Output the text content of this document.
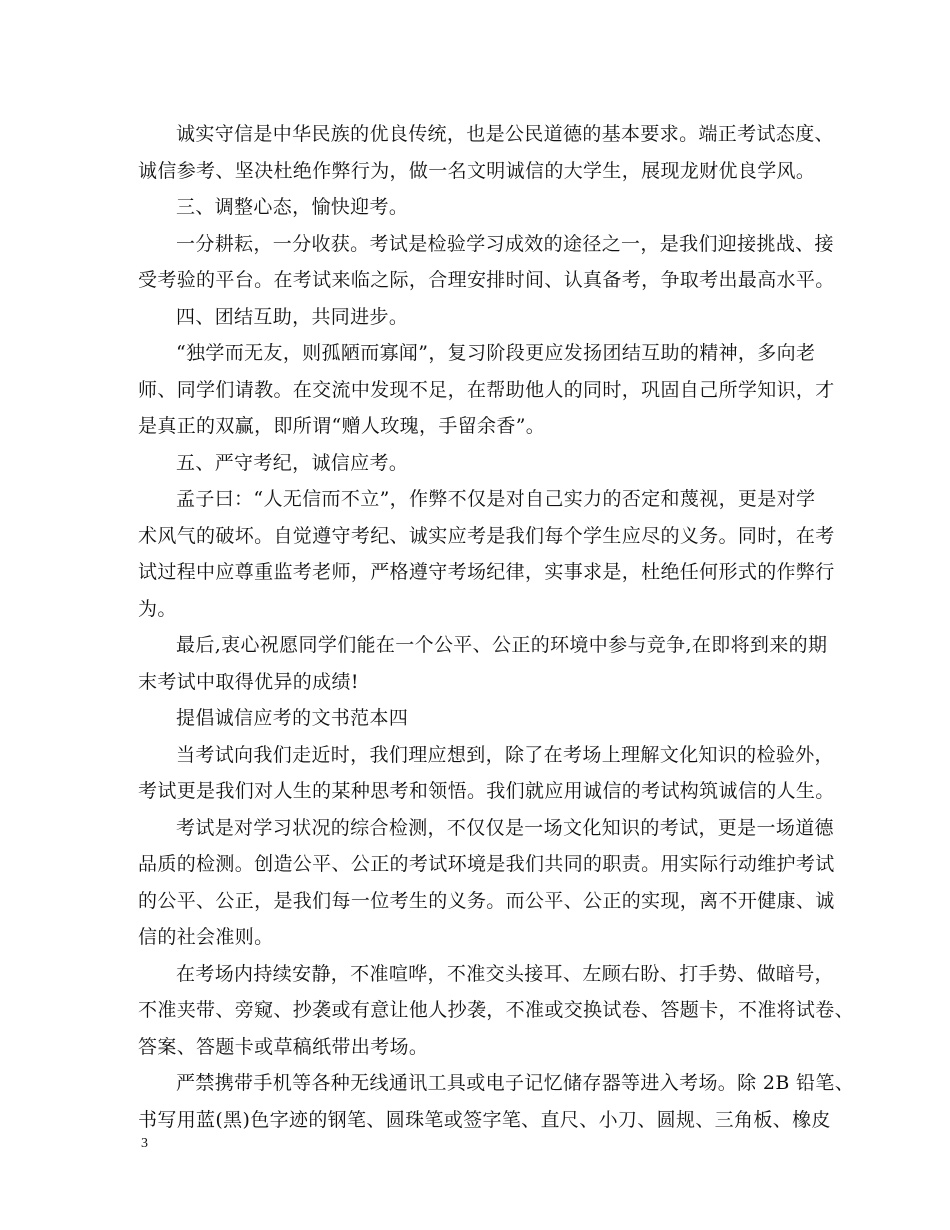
诚实守信是中华民族的优良传统，也是公民道德的基本要求。端正考试态度、
诚信参考、坚决杜绝作弊行为，做一名文明诚信的大学生，展现龙财优良学风。
三、调整心态，愉快迎考。
一分耕耘，一分收获。考试是检验学习成效的途径之一，是我们迎接挑战、接
受考验的平台。在考试来临之际，合理安排时间、认真备考，争取考出最高水平。
四、团结互助，共同进步。
“独学而无友，则孤陋而寡闻”，复习阶段更应发扬团结互助的精神，多向老
师、同学们请教。在交流中发现不足，在帮助他人的同时，巩固自己所学知识，才
是真正的双赢，即所谓“赠人玫瑰，手留余香”。
五、严守考纪，诚信应考。
孟子曰：“人无信而不立”，作弊不仅是对自己实力的否定和蔑视，更是对学
术风气的破坏。自觉遵守考纪、诚实应考是我们每个学生应尽的义务。同时，在考
试过程中应尊重监考老师，严格遵守考场纪律，实事求是，杜绝任何形式的作弊行
为。
最后,衷心祝愿同学们能在一个公平、公正的环境中参与竞争,在即将到来的期
末考试中取得优异的成绩!
提倡诚信应考的文书范本四
当考试向我们走近时，我们理应想到，除了在考场上理解文化知识的检验外，
考试更是我们对人生的某种思考和领悟。我们就应用诚信的考试构筑诚信的人生。
考试是对学习状况的综合检测，不仅仅是一场文化知识的考试，更是一场道德
品质的检测。创造公平、公正的考试环境是我们共同的职责。用实际行动维护考试
的公平、公正，是我们每一位考生的义务。而公平、公正的实现，离不开健康、诚
信的社会准则。
在考场内持续安静，不准喧哗，不准交头接耳、左顾右盼、打手势、做暗号，
不准夹带、旁窥、抄袭或有意让他人抄袭，不准或交换试卷、答题卡，不准将试卷、
答案、答题卡或草稿纸带出考场。
严禁携带手机等各种无线通讯工具或电子记忆储存器等进入考场。除 2B 铅笔、
书写用蓝(黑)色字迹的钢笔、圆珠笔或签字笔、直尺、小刀、圆规、三角板、橡皮
3
